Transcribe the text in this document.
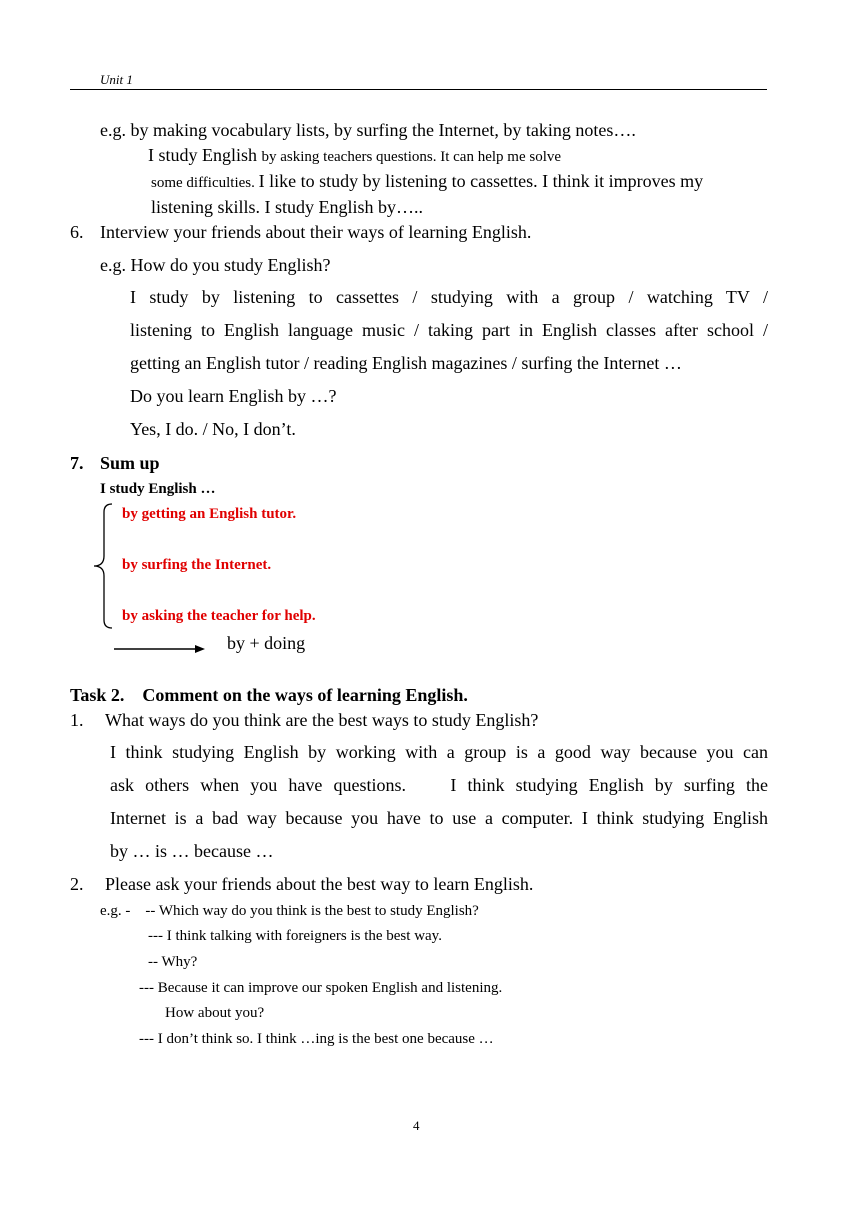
Unit 1
e.g. by making vocabulary lists, by surfing the Internet, by taking notes….
I study English by asking teachers questions. It can help me solve
some difficulties. I like to study by listening to cassettes. I think it improves my
listening skills. I study English by…..
6. Interview your friends about their ways of learning English.
e.g. How do you study English?
I study by listening to cassettes / studying with a group / watching TV /
listening to English language music / taking part in English classes after school /
getting an English tutor / reading English magazines / surfing the Internet …
Do you learn English by …?
Yes, I do. / No, I don’t.
7. Sum up
I study English …
by getting an English tutor.
by surfing the Internet.
by asking the teacher for help.
by + doing
Task 2.    Comment on the ways of learning English.
1. What ways do you think are the best ways to study English?
I think studying English by working with a group is a good way because you can
ask others when you have questions.    I think studying English by surfing the
Internet is a bad way because you have to use a computer. I think studying English
by … is … because …
2. Please ask your friends about the best way to learn English.
e.g. -    -- Which way do you think is the best to study English?
--- I think talking with foreigners is the best way.
-- Why?
--- Because it can improve our spoken English and listening.
How about you?
--- I don’t think so. I think …ing is the best one because …
4
